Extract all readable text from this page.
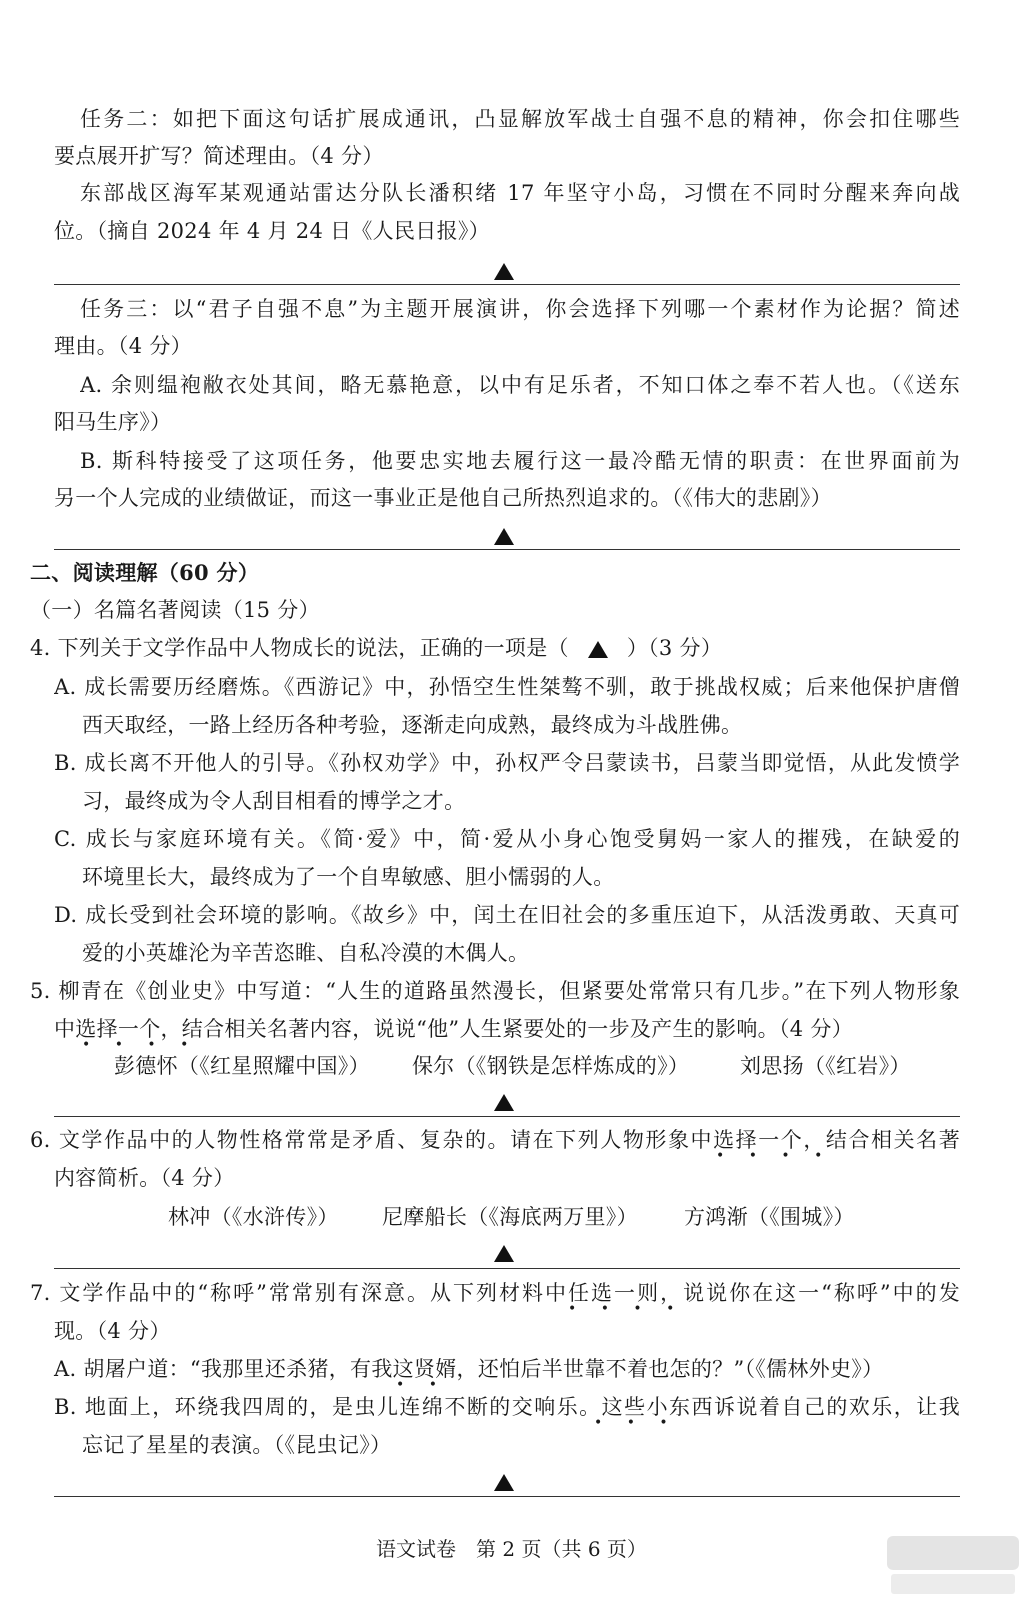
任务二：如把下面这句话扩展成通讯，凸显解放军战士自强不息的精神，你会扣住哪些
要点展开扩写？简述理由。（4 分）
东部战区海军某观通站雷达分队长潘积绪 17 年坚守小岛，习惯在不同时分醒来奔向战
位。（摘自 2024 年 4 月 24 日《人民日报》）
任务三：以“君子自强不息”为主题开展演讲，你会选择下列哪一个素材作为论据？简述
理由。（4 分）
A. 余则缊袍敝衣处其间，略无慕艳意，以中有足乐者，不知口体之奉不若人也。（《送东
阳马生序》）
B. 斯科特接受了这项任务，他要忠实地去履行这一最冷酷无情的职责：在世界面前为
另一个人完成的业绩做证，而这一事业正是他自己所热烈追求的。（《伟大的悲剧》）
二、阅读理解（60 分）
（一）名篇名著阅读（15 分）
4. 下列关于文学作品中人物成长的说法，正确的一项是（	）（3 分）
A. 成长需要历经磨炼。《西游记》中，孙悟空生性桀骜不驯，敢于挑战权威；后来他保护唐僧
西天取经，一路上经历各种考验，逐渐走向成熟，最终成为斗战胜佛。
B. 成长离不开他人的引导。《孙权劝学》中，孙权严令吕蒙读书，吕蒙当即觉悟，从此发愤学
习，最终成为令人刮目相看的博学之才。
C. 成长与家庭环境有关。《简·爱》中，简·爱从小身心饱受舅妈一家人的摧残，在缺爱的
环境里长大，最终成为了一个自卑敏感、胆小懦弱的人。
D. 成长受到社会环境的影响。《故乡》中，闰土在旧社会的多重压迫下，从活泼勇敢、天真可
爱的小英雄沦为辛苦恣睢、自私冷漠的木偶人。
5. 柳青在《创业史》中写道：“人生的道路虽然漫长，但紧要处常常只有几步。”在下列人物形象
中选择一个，结合相关名著内容，说说“他”人生紧要处的一步及产生的影响。（4 分）
• • • •
彭德怀（《红星照耀中国》） 保尔（《钢铁是怎样炼成的》） 刘思扬（《红岩》）
6. 文学作品中的人物性格常常是矛盾、复杂的。请在下列人物形象中选择一个，结合相关名著
• • • •
内容简析。（4 分）
林冲（《水浒传》） 尼摩船长（《海底两万里》） 方鸿渐（《围城》）
7. 文学作品中的“称呼”常常别有深意。从下列材料中任选一则，说说你在这一“称呼”中的发
• • • •
现。（4 分）
A. 胡屠户道：“我那里还杀猪，有我这贤婿，还怕后半世靠不着也怎的？”（《儒林外史》）
• •
B. 地面上，环绕我四周的，是虫儿连绵不断的交响乐。这些小东西诉说着自己的欢乐，让我
• • •
忘记了星星的表演。（《昆虫记》）
语文试卷　第 2 页（共 6 页）
